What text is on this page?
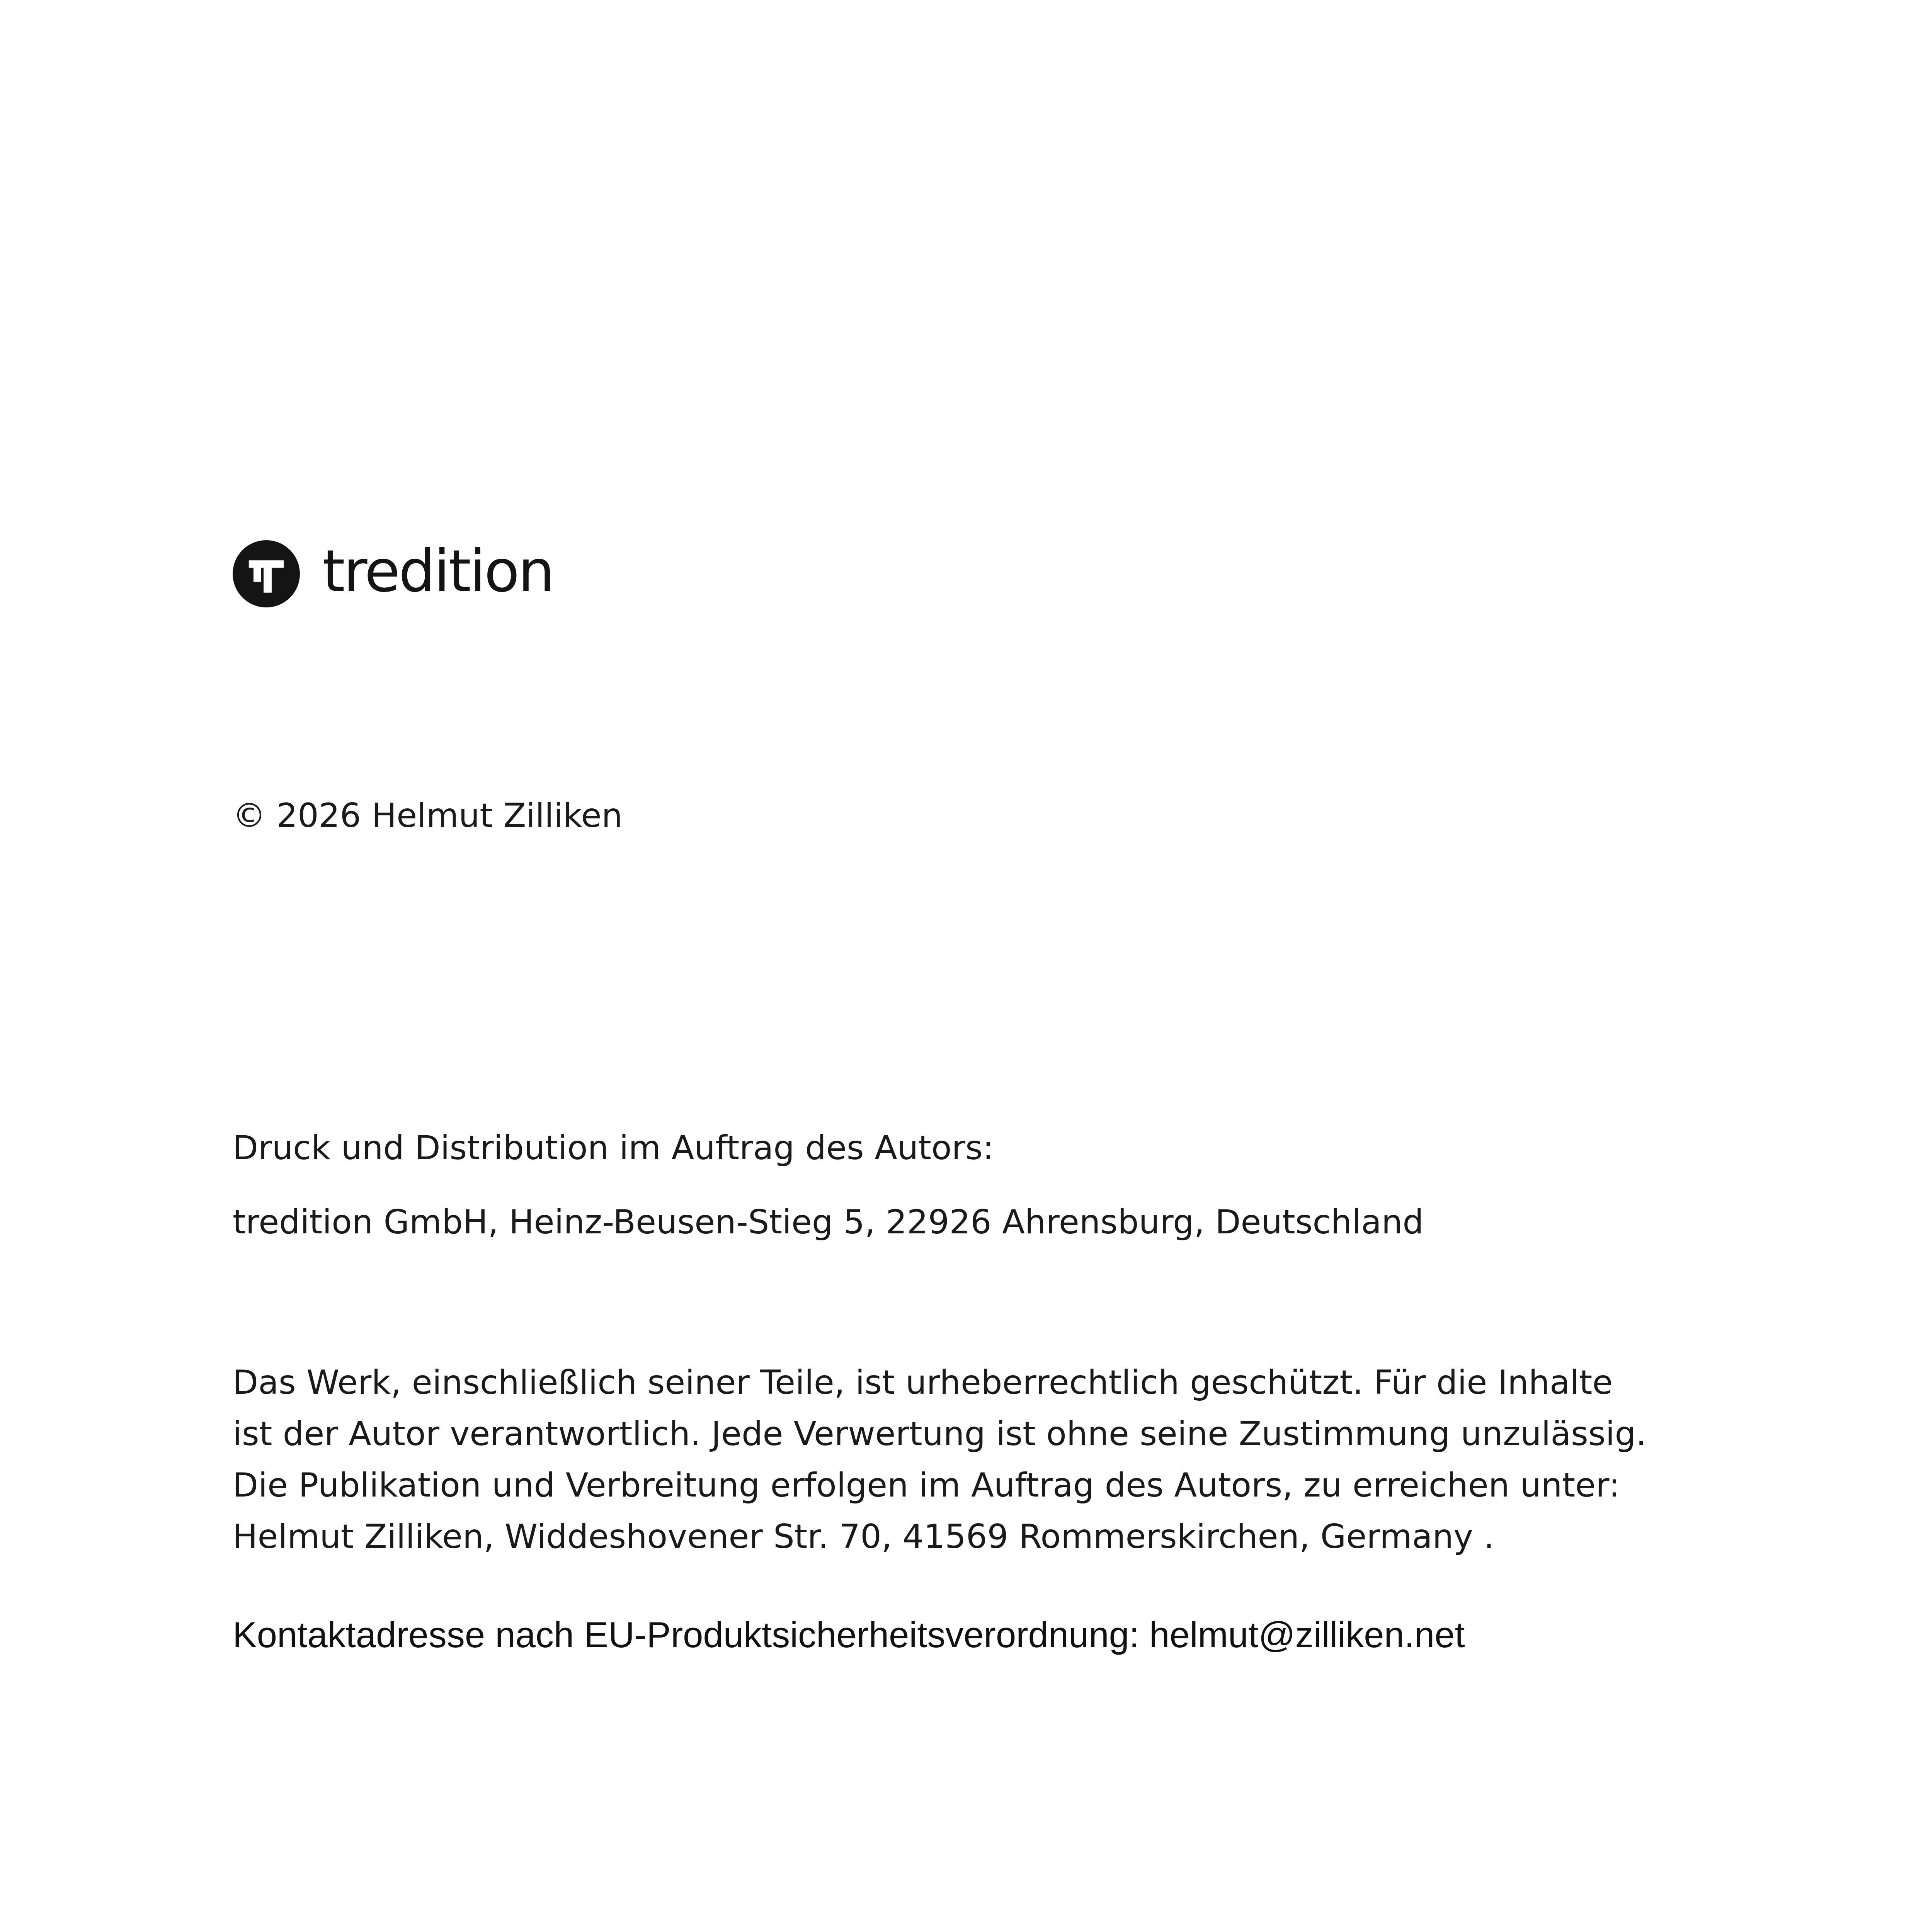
tredition
© 2026 Helmut Zilliken
Druck und Distribution im Auftrag des Autors:
tredition GmbH, Heinz-Beusen-Stieg 5, 22926 Ahrensburg, Deutschland
Das Werk, einschließlich seiner Teile, ist urheberrechtlich geschützt. Für die Inhalte
ist der Autor verantwortlich. Jede Verwertung ist ohne seine Zustimmung unzulässig.
Die Publikation und Verbreitung erfolgen im Auftrag des Autors, zu erreichen unter:
Helmut Zilliken, Widdeshovener Str. 70, 41569 Rommerskirchen, Germany .
Kontaktadresse nach EU-Produktsicherheitsverordnung: helmut@zilliken.net
